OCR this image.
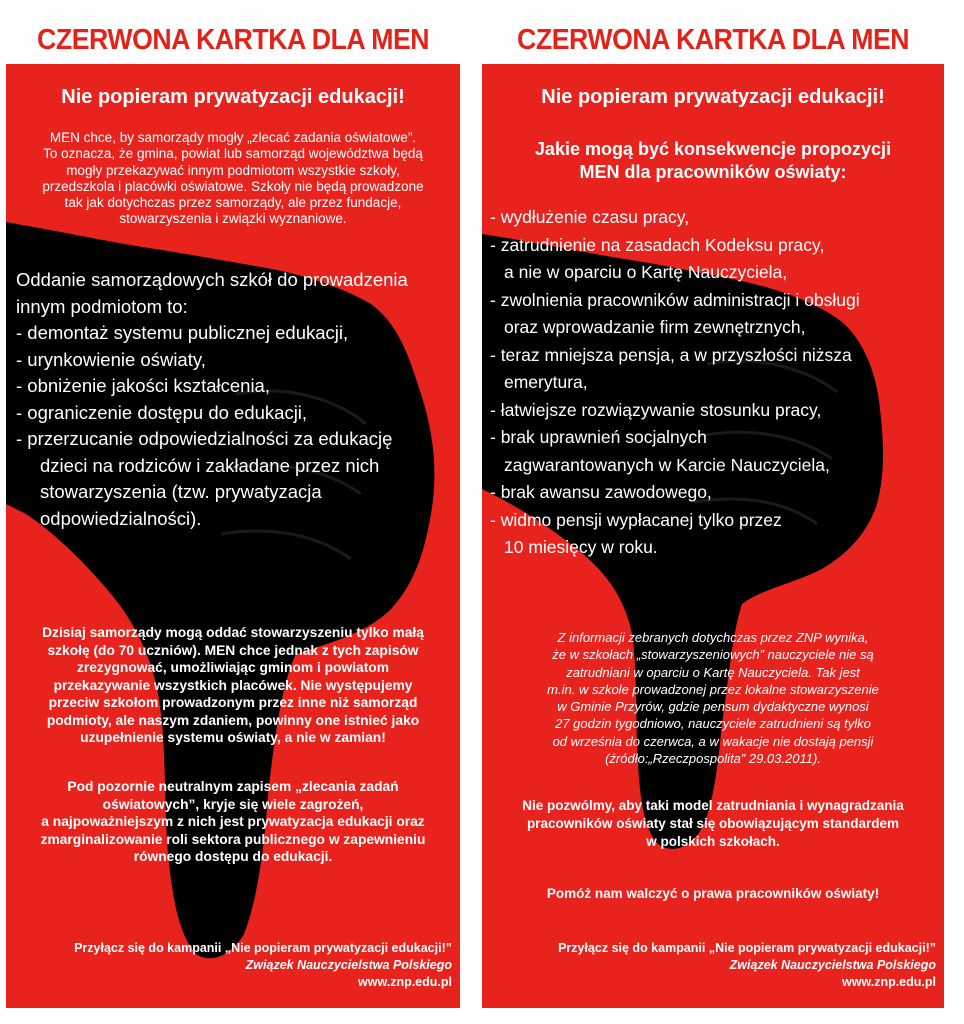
CZERWONA KARTKA DLA MEN
Nie popieram prywatyzacji edukacji!
MEN chce, by samorządy mogły „zlecać zadania oświatowe”.
To oznacza, że gmina, powiat lub samorząd województwa będą
mogły przekazywać innym podmiotom wszystkie szkoły,
przedszkola i placówki oświatowe. Szkoły nie będą prowadzone
tak jak dotychczas przez samorządy, ale przez fundacje,
stowarzyszenia i związki wyznaniowe.

Oddanie samorządowych szkół do prowadzenia

innym podmiotom to:

- demontaż systemu publicznej edukacji,

- urynkowienie oświaty,

- obniżenie jakości kształcenia,

- ograniczenie dostępu do edukacji,

- przerzucanie odpowiedzialności za edukację

dzieci na rodziców i zakładane przez nich

stowarzyszenia (tzw. prywatyzacja

odpowiedzialności).

Dzisiaj samorządy mogą oddać stowarzyszeniu tylko małą
szkołę (do 70 uczniów). MEN chce jednak z tych zapisów
zrezygnować, umożliwiając gminom i powiatom
przekazywanie wszystkich placówek. Nie występujemy
przeciw szkołom prowadzonym przez inne niż samorząd
podmioty, ale naszym zdaniem, powinny one istnieć jako
uzupełnienie systemu oświaty, a nie w zamian!
Pod pozornie neutralnym zapisem „zlecania zadań
oświatowych”, kryje się wiele zagrożeń,
a najpoważniejszym z nich jest prywatyzacja edukacji oraz
zmarginalizowanie roli sektora publicznego w zapewnieniu
równego dostępu do edukacji.
Przyłącz się do kampanii „Nie popieram prywatyzacji edukacji!”
Związek Nauczycielstwa Polskiego
www.znp.edu.pl
CZERWONA KARTKA DLA MEN
Nie popieram prywatyzacji edukacji!
Jakie mogą być konsekwencje propozycji
MEN dla pracowników oświaty:

- wydłużenie czasu pracy,

- zatrudnienie na zasadach Kodeksu pracy,

a nie w oparciu o Kartę Nauczyciela,

- zwolnienia pracowników administracji i obsługi

oraz wprowadzanie firm zewnętrznych,

- teraz mniejsza pensja, a w przyszłości niższa

emerytura,

- łatwiejsze rozwiązywanie stosunku pracy,

- brak uprawnień socjalnych

zagwarantowanych w Karcie Nauczyciela,

- brak awansu zawodowego,

- widmo pensji wypłacanej tylko przez

10 miesięcy w roku.

Z informacji zebranych dotychczas przez ZNP wynika,
że w szkołach „stowarzyszeniowych” nauczyciele nie są
zatrudniani w oparciu o Kartę Nauczyciela. Tak jest
m.in. w szkole prowadzonej przez lokalne stowarzyszenie
w Gminie Przyrów, gdzie pensum dydaktyczne wynosi
27 godzin tygodniowo, nauczyciele zatrudnieni są tylko
od września do czerwca, a w wakacje nie dostają pensji
(źródło:„Rzeczpospolita” 29.03.2011).
Nie pozwólmy, aby taki model zatrudniania i wynagradzania
pracowników oświaty stał się obowiązującym standardem
w polskich szkołach.
Pomóż nam walczyć o prawa pracowników oświaty!
Przyłącz się do kampanii „Nie popieram prywatyzacji edukacji!”
Związek Nauczycielstwa Polskiego
www.znp.edu.pl
